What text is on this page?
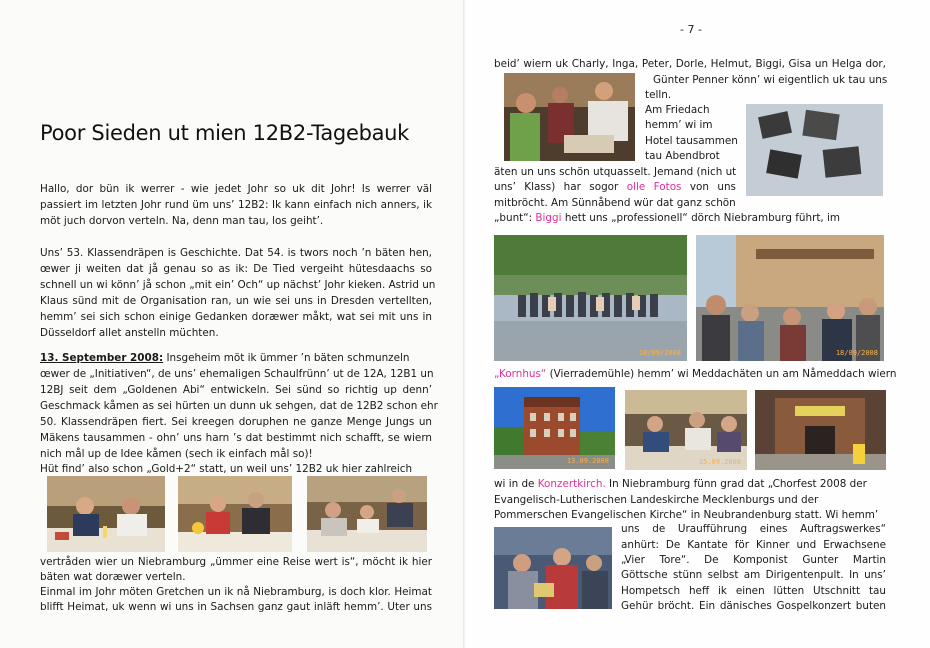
Poor Sieden ut mien 12B2-Tagebauk
Hallo, dor bün ik werrer - wie jedet Johr so uk dit Johr! Is werrer väl
passiert im letzten Johr rund üm uns’ 12B2: Ik kann einfach nich anners, ik
möt juch dorvon verteln. Na, denn man tau, los geiht’.
Uns’ 53. Klassendräpen is Geschichte. Dat 54. is twors noch ’n bäten hen,
œwer ji weiten dat jå genau so as ik: De Tied vergeiht hütesdaachs so
schnell un wi könn’ jå schon „mit ein’ Och“ up nächst’ Johr kieken. Astrid un
Klaus sünd mit de Organisation ran, un wie sei uns in Dresden vertellten,
hemm’ sei sich schon einige Gedanken doræwer måkt, wat sei mit uns in
Düsseldorf allet anstelln müchten.
13. September 2008: Insgeheim möt ik ümmer ’n bäten schmunzeln
œwer de „Initiativen“, de uns’ ehemaligen Schaulfrünn’ ut de 12A, 12B1 un
12BJ seit dem „Goldenen Abi“ entwickeln. Sei sünd so richtig up denn’
Geschmack kåmen as sei hürten un dunn uk sehgen, dat de 12B2 schon ehr
50. Klassendräpen fiert. Sei kreegen doruphen ne ganze Menge Jungs un
Mäkens tausammen - ohn’ uns harn ’s dat bestimmt nich schafft, se wiern
nich mål up de Idee kåmen (sech ik einfach mål so)!
Hüt find’ also schon „Gold+2“ statt, un weil uns’ 12B2 uk hier zahlreich
vertråden wier un Niebramburg „ümmer eine Reise wert is“, möcht ik hier
bäten wat doræwer verteln.
Einmal im Johr möten Gretchen un ik nå Niebramburg, is doch klor. Heimat
blifft Heimat, uk wenn wi uns in Sachsen ganz gaut inläft hemm’. Uter uns
- 7 -
beid’ wiern uk Charly, Inga, Peter, Dorle, Helmut, Biggi, Gisa un Helga dor,
Günter Penner könn’ wi eigentlich uk tau uns
telln.
Am Friedach
hemm’ wi im
Hotel tausammen
tau Abendbrot
äten un uns schön utquasselt. Jemand (nich ut
uns’ Klass) har sogor olle Fotos von uns
mitbröcht. Am Sünnåbend wür dat ganz schön
„bunt“: Biggi hett uns „professionell“ dörch Niebramburg führt, im
18/09/2008	18/09/2008
„Kornhus“ (Vierrademühle) hemm’ wi Meddachäten un am Nåmeddach wiern
13.09.2008	15.09.2008
wi in de Konzertkirch. In Niebramburg fünn grad dat „Chorfest 2008 der
Evangelisch-Lutherischen Landeskirche Mecklenburgs und der
Pommerschen Evangelischen Kirche“ in Neubrandenburg statt. Wi hemm’
uns de Uraufführung eines Auftragswerkes“
anhürt: De Kantate för Kinner und Erwachsene
„Vier Tore“. De Komponist Gunter Martin
Göttsche stünn selbst am Dirigentenpult. In uns’
Hompetsch heff ik einen lütten Utschnitt tau
Gehür bröcht. Ein dänisches Gospelkonzert buten
